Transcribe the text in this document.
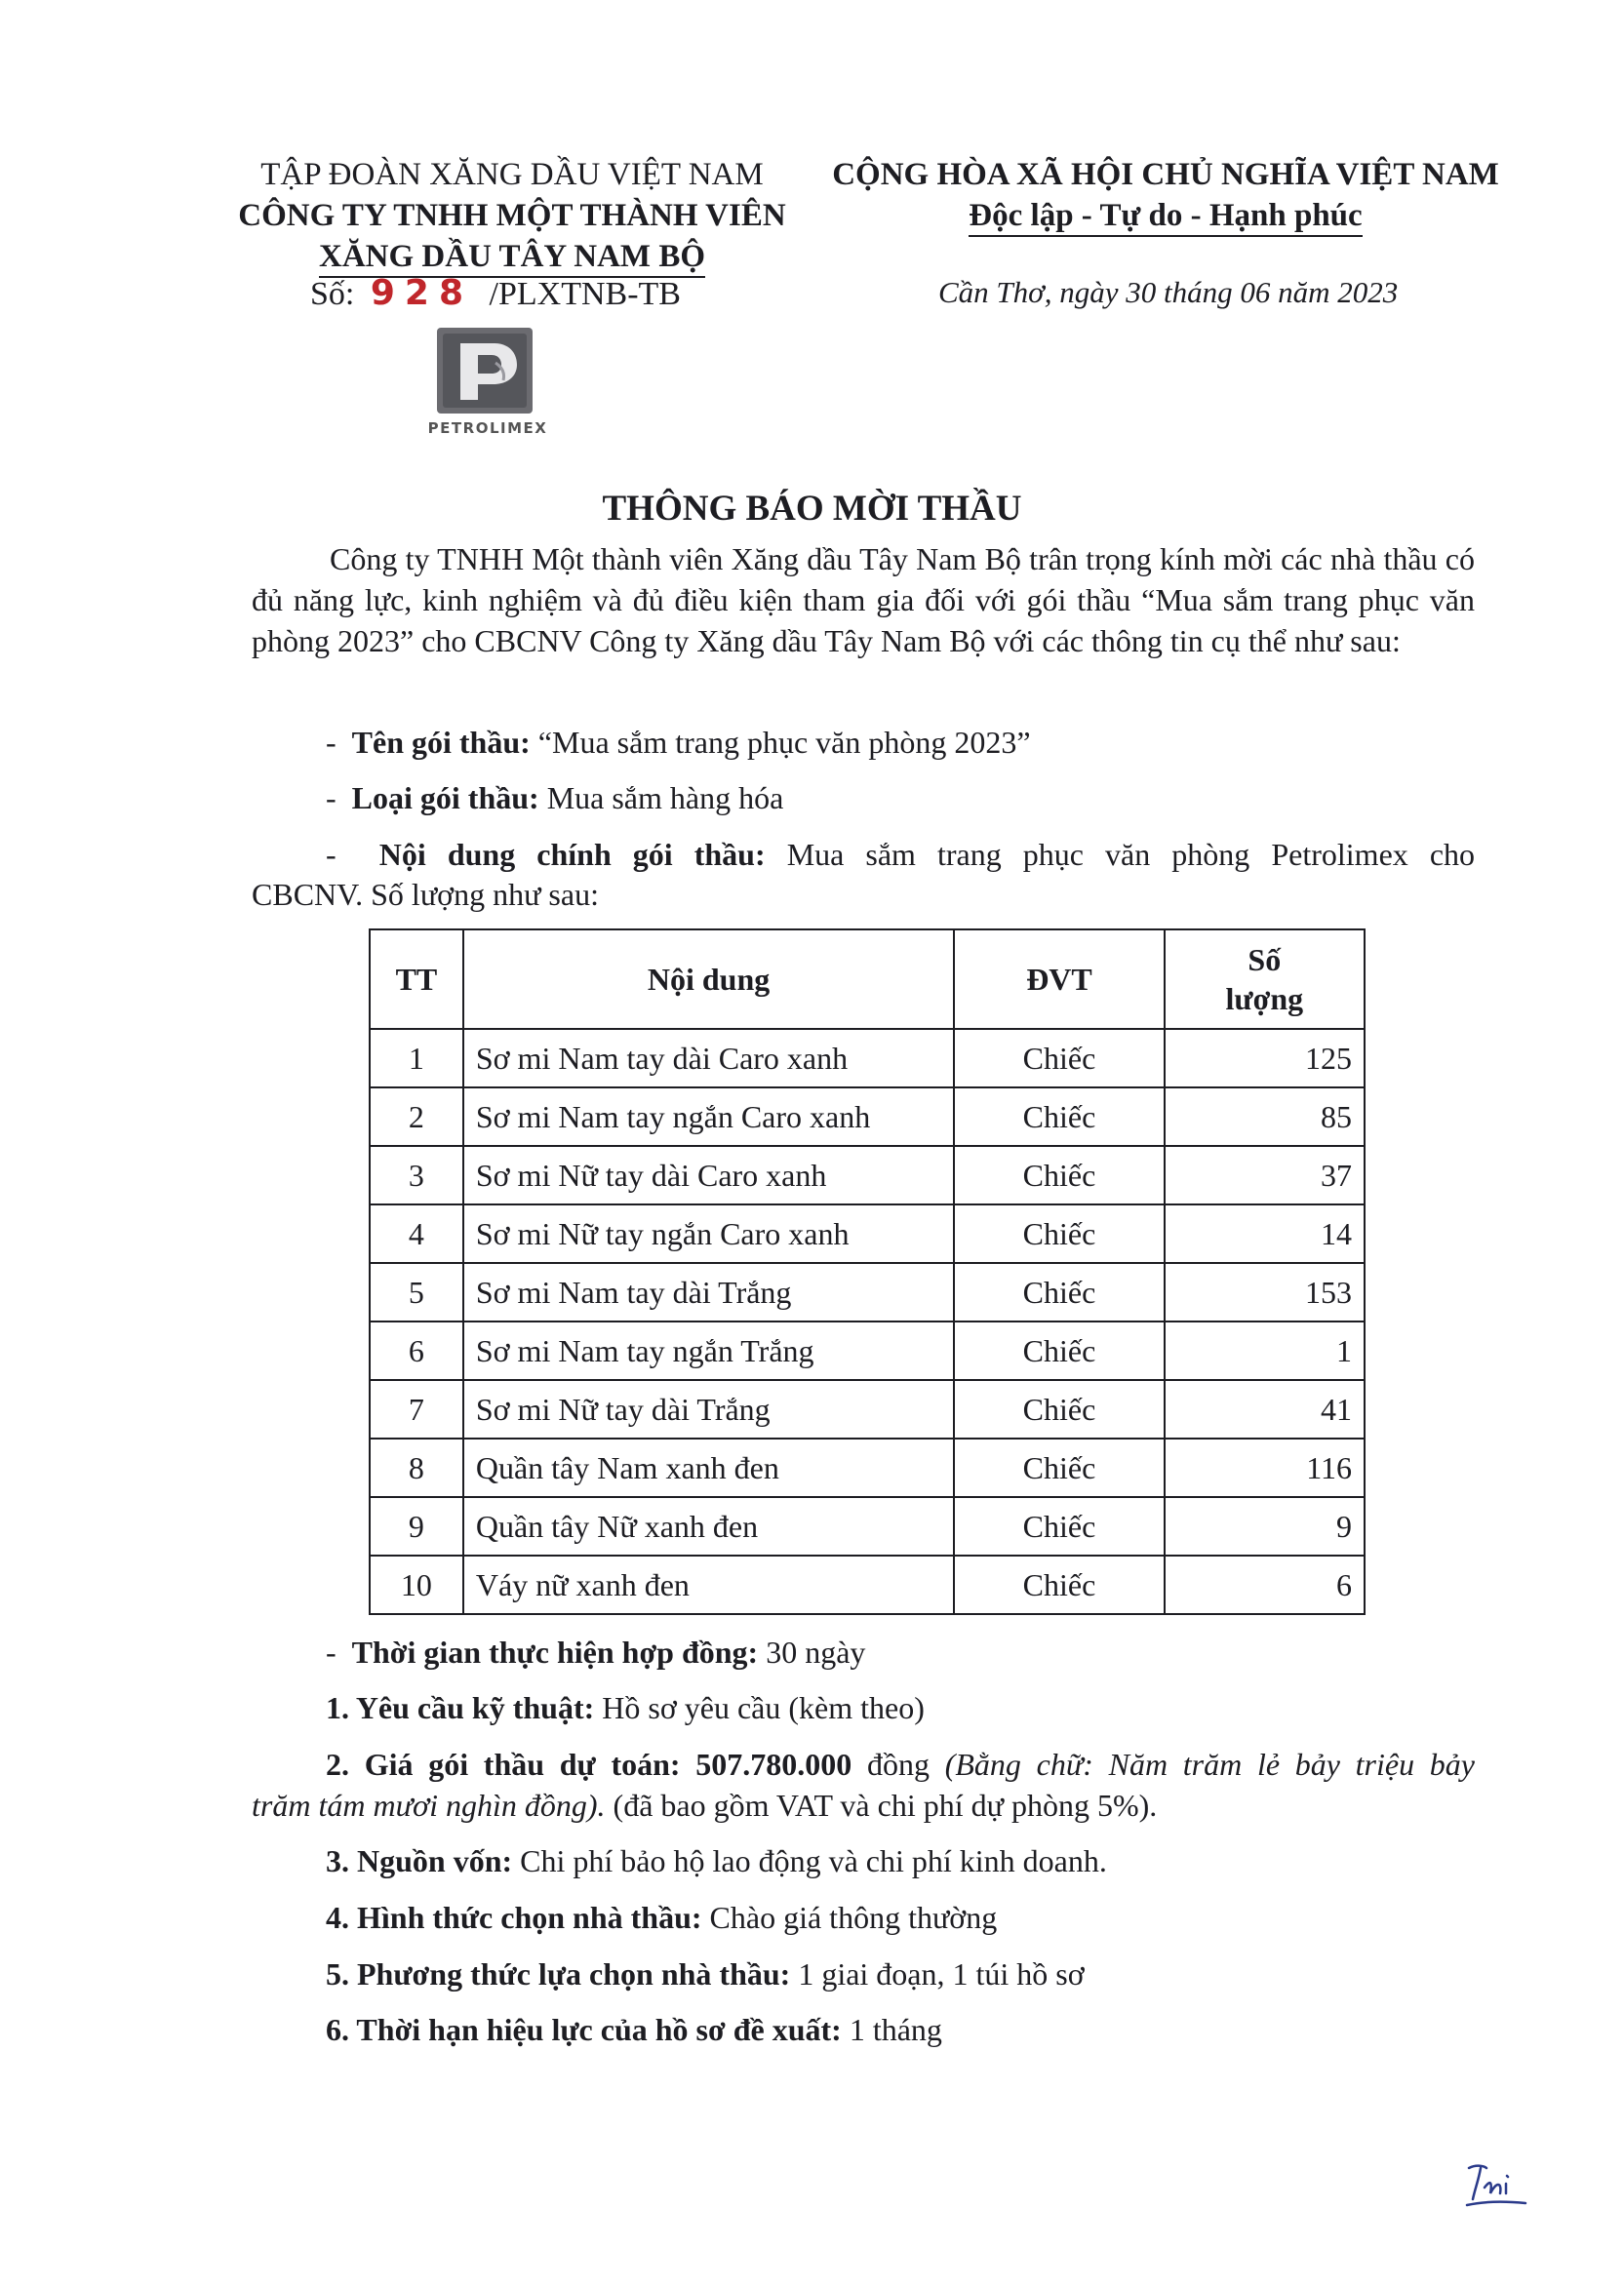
TẬP ĐOÀN XĂNG DẦU VIỆT NAM
CÔNG TY TNHH MỘT THÀNH VIÊN
XĂNG DẦU TÂY NAM BỘ
CỘNG HÒA XÃ HỘI CHỦ NGHĨA VIỆT NAM
Độc lập - Tự do - Hạnh phúc
Số: 928 /PLXTNB-TB	Cần Thơ, ngày 30 tháng 06 năm 2023
PETROLIMEX
THÔNG BÁO MỜI THẦU
Công ty TNHH Một thành viên Xăng dầu Tây Nam Bộ trân trọng kính mời các nhà thầu có đủ năng lực, kinh nghiệm và đủ điều kiện tham gia đối với gói thầu “Mua sắm trang phục văn phòng 2023” cho CBCNV Công ty Xăng dầu Tây Nam Bộ với các thông tin cụ thể như sau:
-  Tên gói thầu: “Mua sắm trang phục văn phòng 2023”
-  Loại gói thầu: Mua sắm hàng hóa
-  Nội dung chính gói thầu: Mua sắm trang phục văn phòng Petrolimex cho
CBCNV. Số lượng như sau:
TT	Nội dung	ĐVT	Số
lượng

1	Sơ mi Nam tay dài Caro xanh	Chiếc	125
2	Sơ mi Nam tay ngắn Caro xanh	Chiếc	85
3	Sơ mi Nữ tay dài Caro xanh	Chiếc	37
4	Sơ mi Nữ tay ngắn Caro xanh	Chiếc	14
5	Sơ mi Nam tay dài Trắng	Chiếc	153
6	Sơ mi Nam tay ngắn Trắng	Chiếc	1
7	Sơ mi Nữ tay dài Trắng	Chiếc	41
8	Quần tây Nam xanh đen	Chiếc	116
9	Quần tây Nữ xanh đen	Chiếc	9
10	Váy nữ xanh đen	Chiếc	6
-  Thời gian thực hiện hợp đồng: 30 ngày
1. Yêu cầu kỹ thuật: Hồ sơ yêu cầu (kèm theo)
2. Giá gói thầu dự toán: 507.780.000 đồng (Bằng chữ: Năm trăm lẻ bảy triệu bảy
trăm tám mươi nghìn đồng). (đã bao gồm VAT và chi phí dự phòng 5%).
3. Nguồn vốn: Chi phí bảo hộ lao động và chi phí kinh doanh.
4. Hình thức chọn nhà thầu: Chào giá thông thường
5. Phương thức lựa chọn nhà thầu: 1 giai đoạn, 1 túi hồ sơ
6. Thời hạn hiệu lực của hồ sơ đề xuất: 1 tháng
